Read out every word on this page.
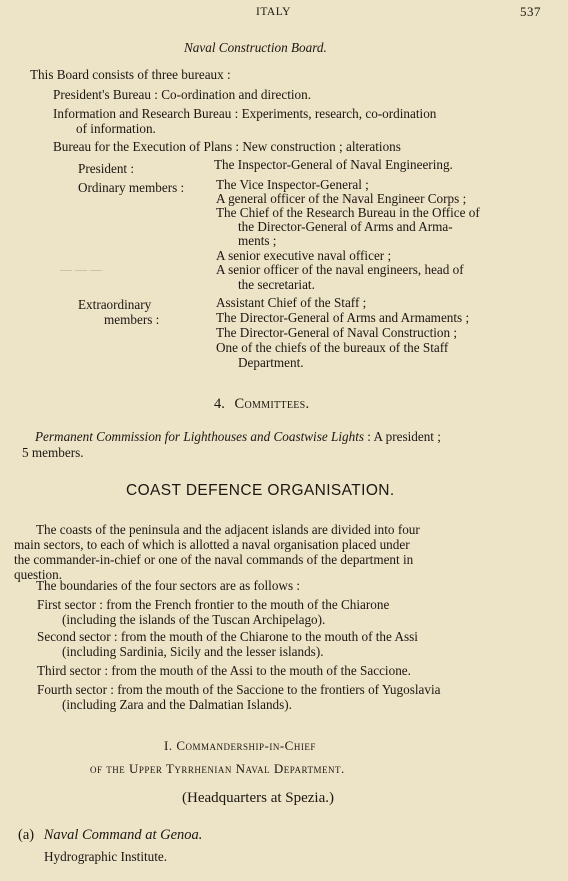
ITALY	537
Naval Construction Board.
This Board consists of three bureaux :
President's Bureau : Co-ordination and direction.
Information and Research Bureau : Experiments, research, co-ordination
of information.
Bureau for the Execution of Plans : New construction ; alterations
President :	The Inspector-General of Naval Engineering.
Ordinary members : The Vice Inspector-General ;
A general officer of the Naval Engineer Corps ;
The Chief of the Research Bureau in the Office of
the Director-General of Arms and Arma-
ments ;
A senior executive naval officer ;
— — —	A senior officer of the naval engineers, head of
the secretariat.
Extraordinary
members :
Assistant Chief of the Staff ;
The Director-General of Arms and Armaments ;
The Director-General of Naval Construction ;
One of the chiefs of the bureaux of the Staff
Department.
4. Committees.
Permanent Commission for Lighthouses and Coastwise Lights : A president ;
5 members.
COAST DEFENCE ORGANISATION.
The coasts of the peninsula and the adjacent islands are divided into four
main sectors, to each of which is allotted a naval organisation placed under
the commander-in-chief or one of the naval commands of the department in
question.
The boundaries of the four sectors are as follows :
First sector : from the French frontier to the mouth of the Chiarone
(including the islands of the Tuscan Archipelago).
Second sector : from the mouth of the Chiarone to the mouth of the Assi
(including Sardinia, Sicily and the lesser islands).
Third sector : from the mouth of the Assi to the mouth of the Saccione.
Fourth sector : from the mouth of the Saccione to the frontiers of Yugoslavia
(including Zara and the Dalmatian Islands).
I. Commandership-in-Chief
of the Upper Tyrrhenian Naval Department.
(Headquarters at Spezia.)
(a) Naval Command at Genoa.
Hydrographic Institute.
